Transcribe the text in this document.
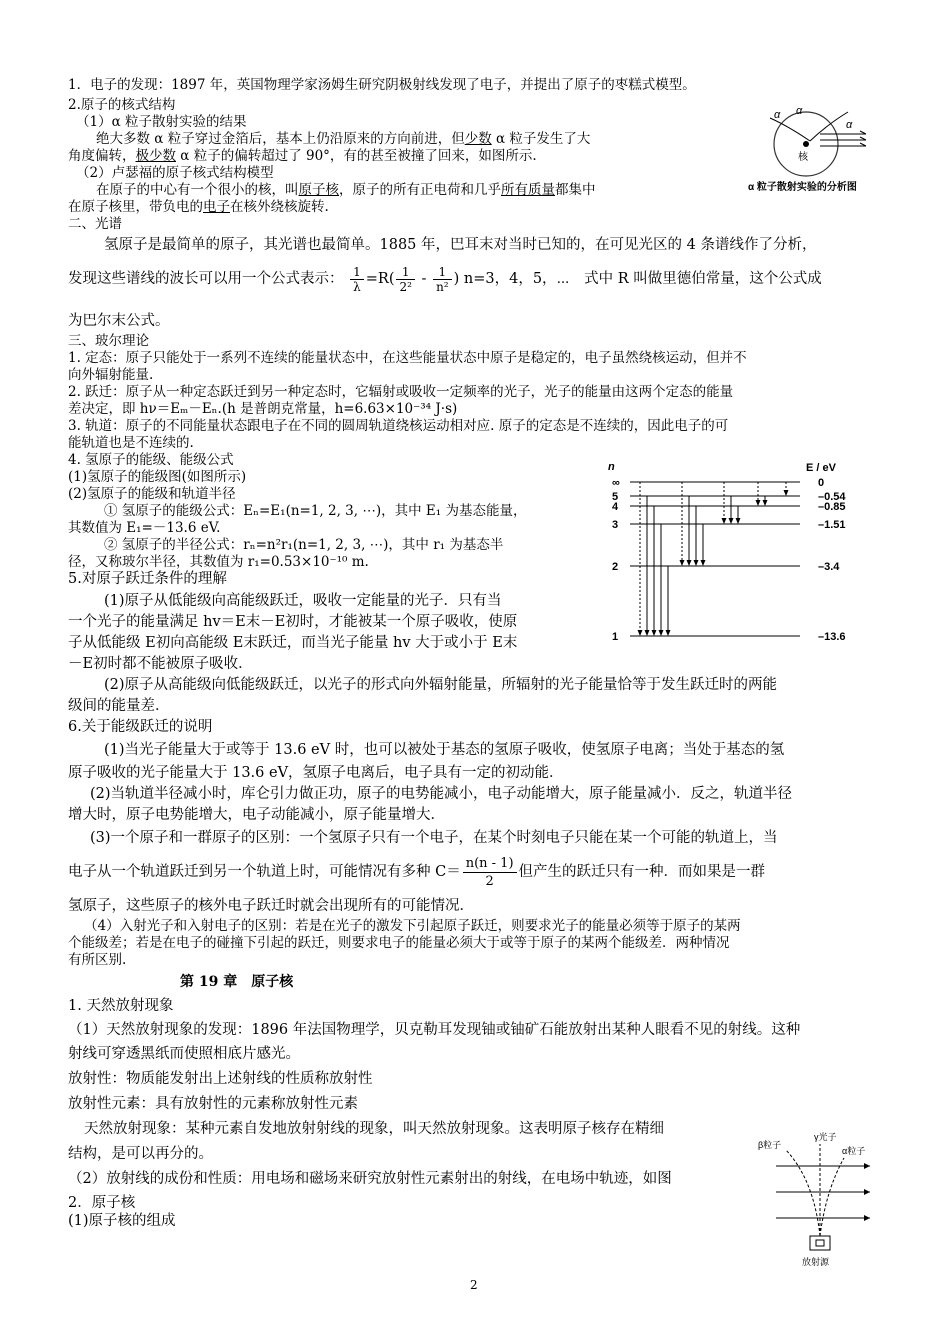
1．电子的发现：1897 年，英国物理学家汤姆生研究阴极射线发现了电子，并提出了原子的枣糕式模型。
2.原子的核式结构
（1）α 粒子散射实验的结果
绝大多数 α 粒子穿过金箔后，基本上仍沿原来的方向前进，但少数 α 粒子发生了大
角度偏转，极少数 α 粒子的偏转超过了 90°，有的甚至被撞了回来，如图所示.
（2）卢瑟福的原子核式结构模型
在原子的中心有一个很小的核，叫原子核，原子的所有正电荷和几乎所有质量都集中
在原子核里，带负电的电子在核外绕核旋转.
α α
α
核
α 粒子散射实验的分析图
二、光谱
氢原子是最简单的原子，其光谱也最简单。1885 年，巴耳末对当时已知的，在可见光区的 4 条谱线作了分析，
发现这些谱线的波长可以用一个公式表示： $\frac{1}{\lambda} =R( \frac{1}{\text{2²}} - \frac{1}{\text{n²}}$ ) n=3，4，5，⋯　式中 R 叫做里德伯常量，这个公式成
为巴尔末公式。
三、玻尔理论
1. 定态：原子只能处于一系列不连续的能量状态中，在这些能量状态中原子是稳定的，电子虽然绕核运动，但并不
向外辐射能量.
2. 跃迁：原子从一种定态跃迁到另一种定态时，它辐射或吸收一定频率的光子，光子的能量由这两个定态的能量
差决定，即 hν＝Eₘ－Eₙ.(h 是普朗克常量，h=6.63×10⁻³⁴ J·s)
3. 轨道：原子的不同能量状态跟电子在不同的圆周轨道绕核运动相对应. 原子的定态是不连续的，因此电子的可
能轨道也是不连续的.
4. 氢原子的能级、能级公式
(1)氢原子的能级图(如图所示)
(2)氢原子的能级和轨道半径
① 氢原子的能级公式：Eₙ=E₁(n=1, 2, 3, ⋯)，其中 E₁ 为基态能量，
其数值为 E₁=－13.6 eV.
② 氢原子的半径公式：rₙ=n²r₁(n=1, 2, 3, ⋯)，其中 r₁ 为基态半
径，又称玻尔半径，其数值为 r₁=0.53×10⁻¹⁰ m.
n	E / eV
∞	0
5	–0.54
4	–0.85
3	–1.51
2	–3.4
1	–13.6
5.对原子跃迁条件的理解
(1)原子从低能级向高能级跃迁，吸收一定能量的光子．只有当
一个光子的能量满足 hv＝E末－E初时，才能被某一个原子吸收，使原
子从低能级 E初向高能级 E末跃迁，而当光子能量 hv 大于或小于 E末
－E初时都不能被原子吸收．
(2)原子从高能级向低能级跃迁，以光子的形式向外辐射能量，所辐射的光子能量恰等于发生跃迁时的两能
级间的能量差．
6.关于能级跃迁的说明
(1)当光子能量大于或等于 13.6 eV 时，也可以被处于基态的氢原子吸收，使氢原子电离；当处于基态的氢
原子吸收的光子能量大于 13.6 eV，氢原子电离后，电子具有一定的初动能．
(2)当轨道半径减小时，库仑引力做正功，原子的电势能减小，电子动能增大，原子能量减小．反之，轨道半径
增大时，原子电势能增大，电子动能减小，原子能量增大．
(3)一个原子和一群原子的区别：一个氢原子只有一个电子，在某个时刻电子只能在某一个可能的轨道上，当
电子从一个轨道跃迁到另一个轨道上时，可能情况有多种 $C= \frac{n(n - 1)}{2}$ 但产生的跃迁只有一种．而如果是一群
氢原子，这些原子的核外电子跃迁时就会出现所有的可能情况．
（4）入射光子和入射电子的区别：若是在光子的激发下引起原子跃迁，则要求光子的能量必须等于原子的某两
个能级差；若是在电子的碰撞下引起的跃迁，则要求电子的能量必须大于或等于原子的某两个能级差．两种情况
有所区别.
第 19 章　原子核
1. 天然放射现象
（1）天然放射现象的发现：1896 年法国物理学，贝克勒耳发现铀或铀矿石能放射出某种人眼看不见的射线。这种
射线可穿透黑纸而使照相底片感光。
放射性：物质能发射出上述射线的性质称放射性
放射性元素：具有放射性的元素称放射性元素
天然放射现象：某种元素自发地放射射线的现象，叫天然放射现象。这表明原子核存在精细
结构，是可以再分的。
（2）放射线的成份和性质：用电场和磁场来研究放射性元素射出的射线，在电场中轨迹，如图
2．原子核
(1)原子核的组成
β粒子
γ光子
α粒子
放射源
2
